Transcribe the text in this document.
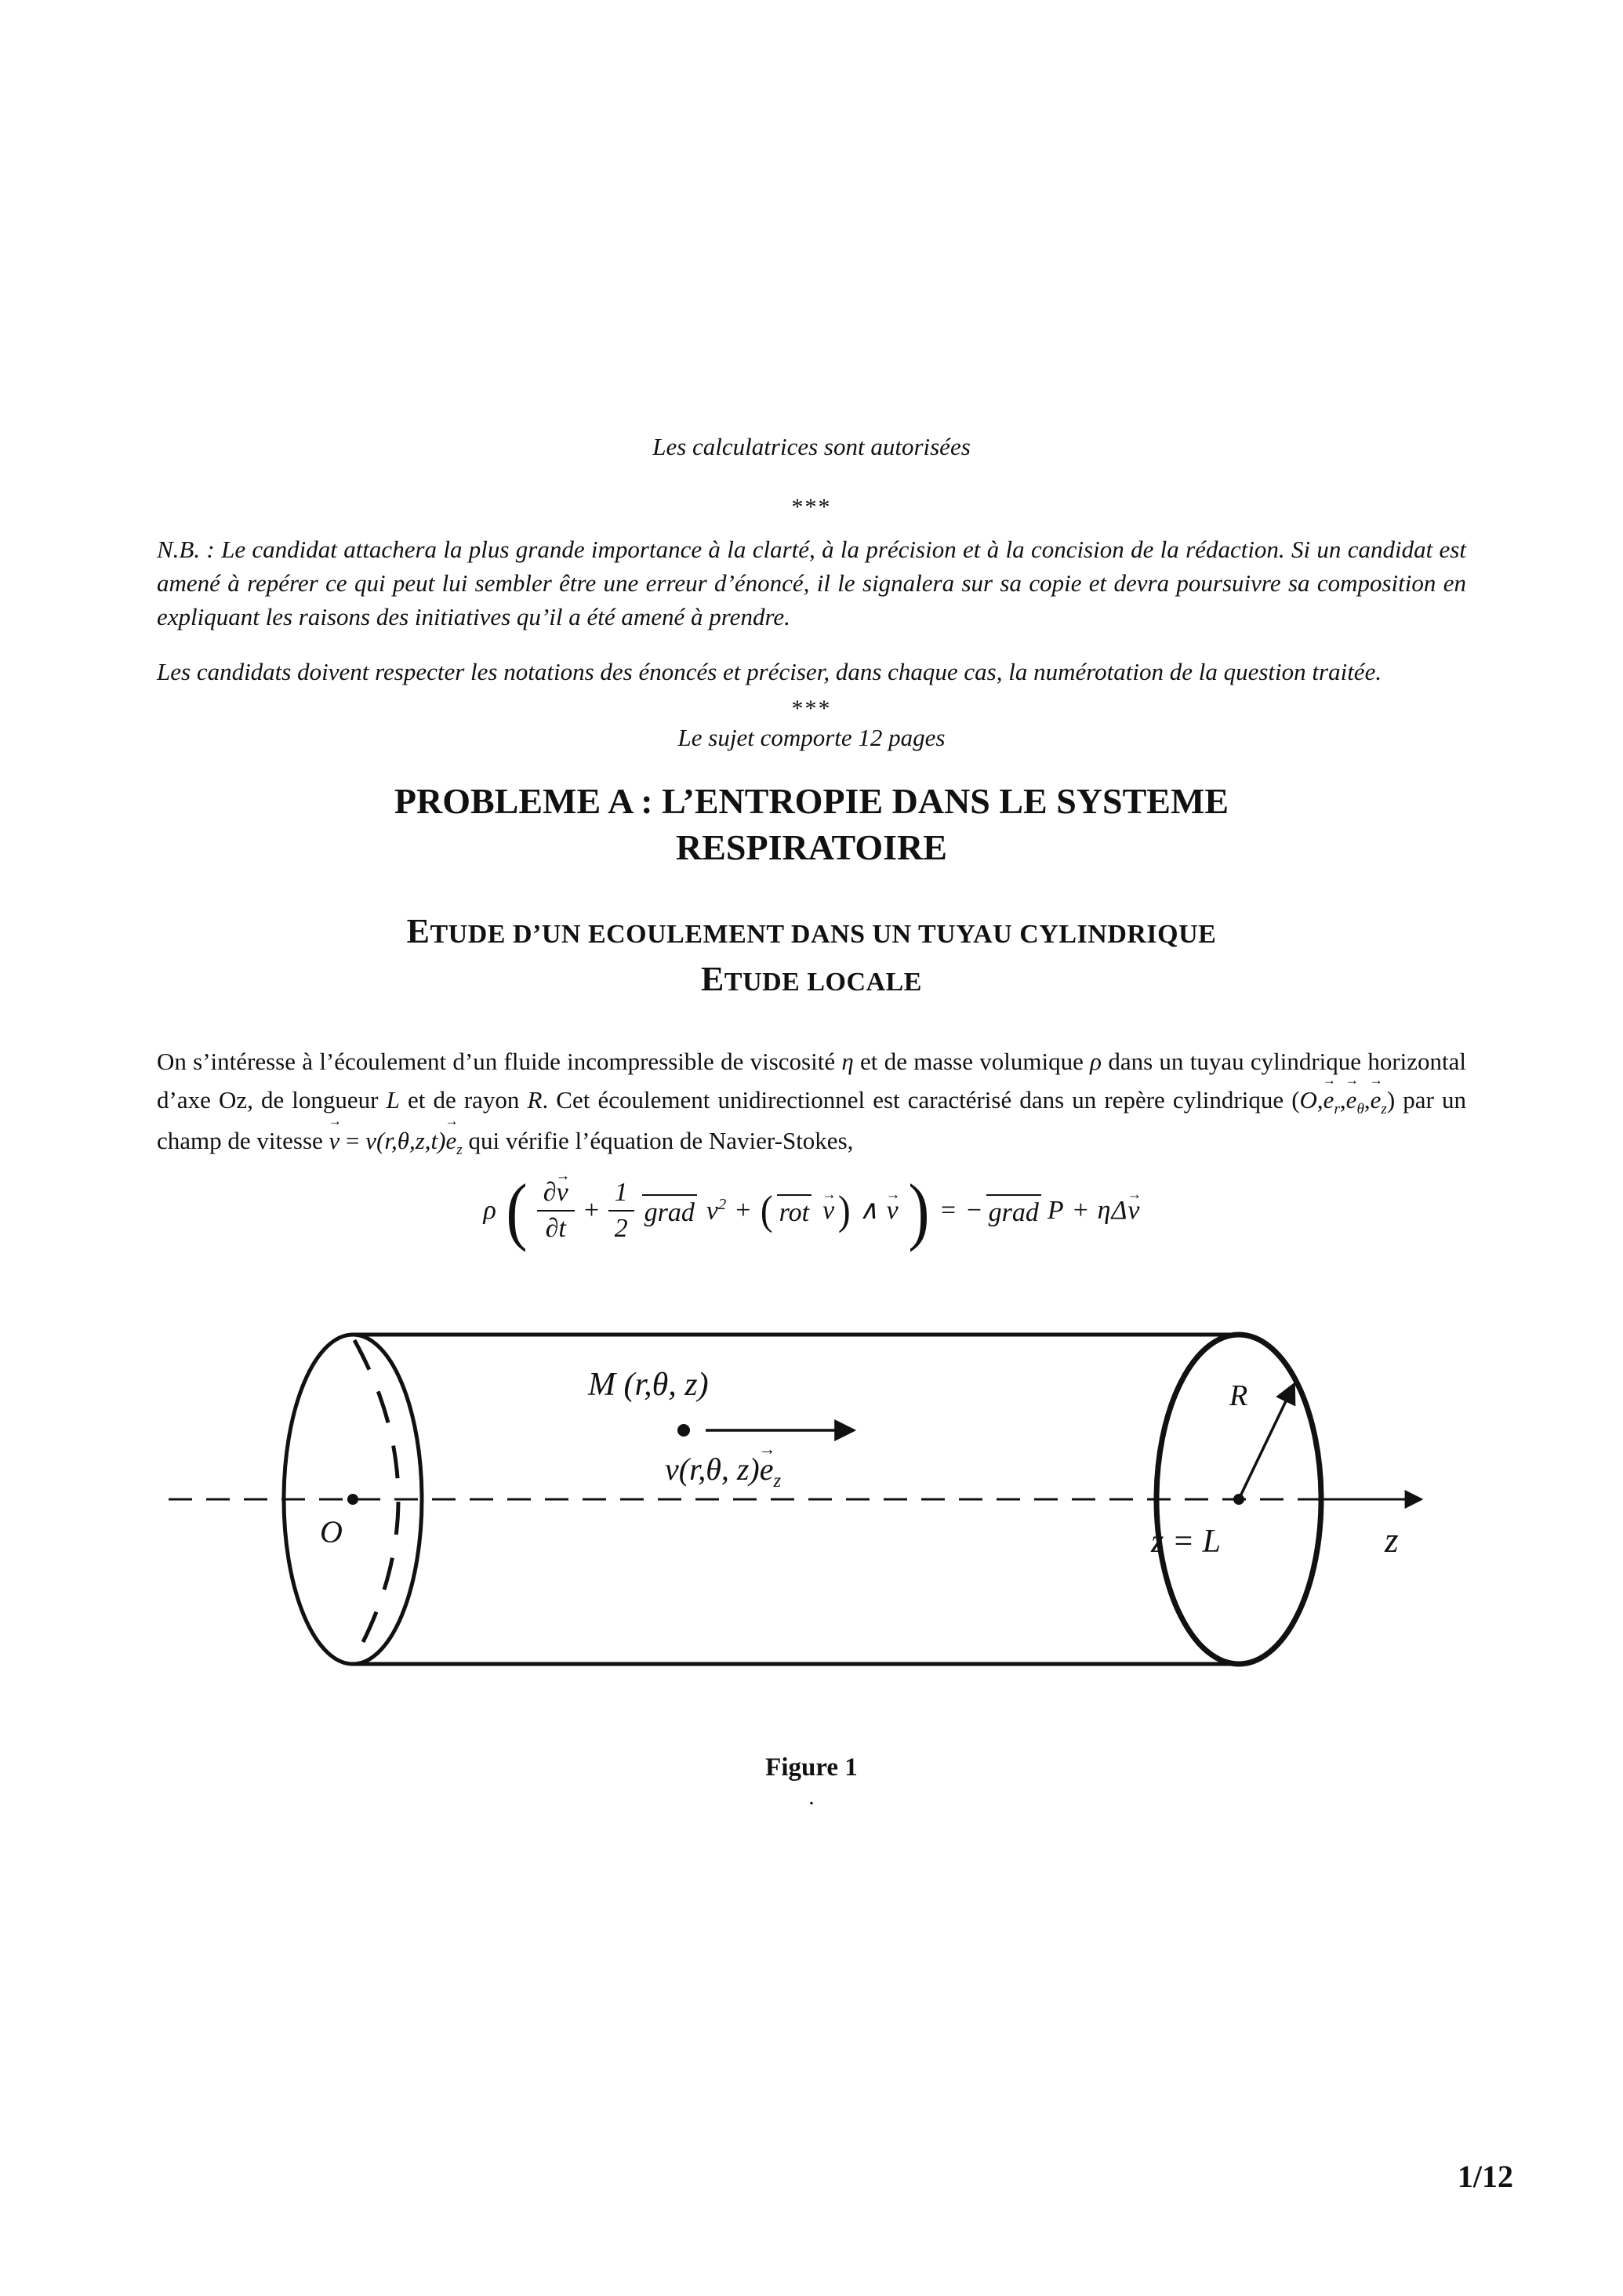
Les calculatrices sont autorisées
***
N.B. : Le candidat attachera la plus grande importance à la clarté, à la précision et à la concision de la rédaction. Si un candidat est amené à repérer ce qui peut lui sembler être une erreur d’énoncé, il le signalera sur sa copie et devra poursuivre sa composition en expliquant les raisons des initiatives qu’il a été amené à prendre.
Les candidats doivent respecter les notations des énoncés et préciser, dans chaque cas, la numérotation de la question traitée.
***
Le sujet comporte 12 pages
PROBLEME A : L’ENTROPIE DANS LE SYSTEME
RESPIRATOIRE
ETUDE D’UN ECOULEMENT DANS UN TUYAU CYLINDRIQUE
ETUDE LOCALE
On s’intéresse à l’écoulement d’un fluide incompressible de viscosité η et de masse volumique ρ dans un tuyau cylindrique horizontal d’axe Oz, de longueur L et de rayon R. Cet écoulement unidirectionnel est caractérisé dans un repère cylindrique $(O,e \to_r,e \to_\theta,e \to_z)$ par un champ de vitesse v → = $v(r,\theta,z,t)e \to_z$ qui vérifie l’équation de Navier-Stokes,
ρ ( $\frac{\partial v \to}{\partial t} + \frac{1}{2}$ grad $v^2$ + ( rot v → ) ∧ v → ) = − grad P + η Δ v →
M (r,θ, z)
v(r,θ, $z)e \to_z$
O	z = L	z
R
Figure 1
.
1/12
